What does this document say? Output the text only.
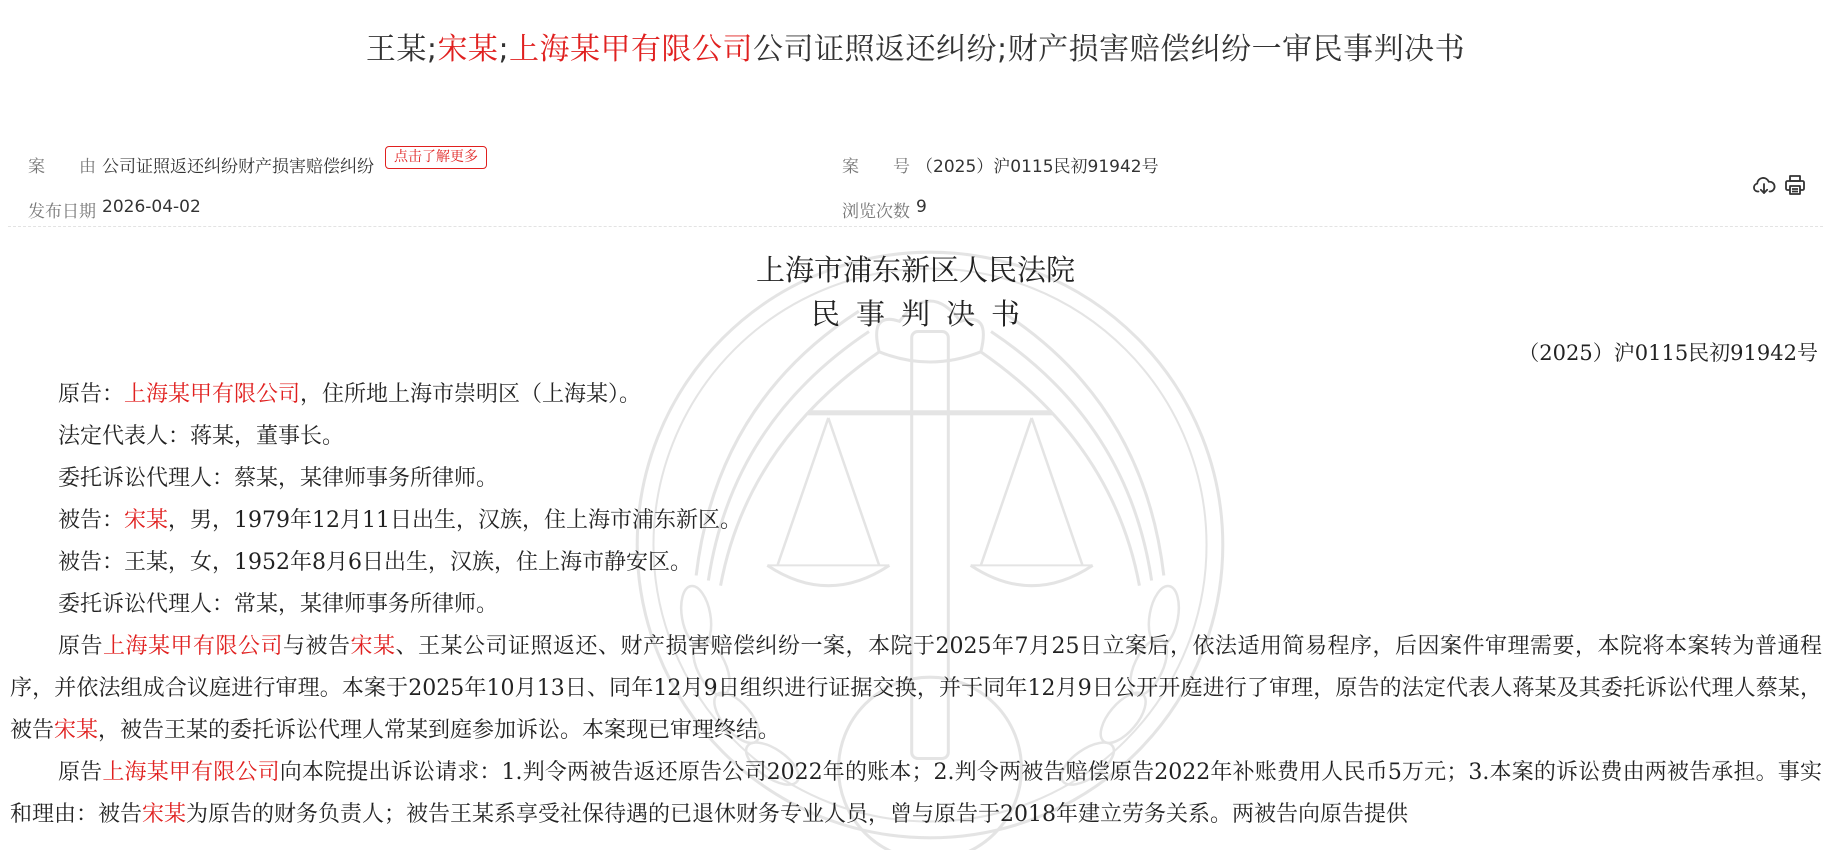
王某;宋某;上海某甲有限公司公司证照返还纠纷;财产损害赔偿纠纷一审民事判决书
案　　由 公司证照返还纠纷财产损害赔偿纠纷	点击了解更多	案　　号 （2025）沪0115民初91942号
发布日期 2026-04-02	浏览次数 9
上海市浦东新区人民法院
民事判决书
（2025）沪0115民初91942号

原告：上海某甲有限公司，住所地上海市崇明区（上海某）。

法定代表人：蒋某，董事长。

委托诉讼代理人：蔡某，某律师事务所律师。

被告：宋某，男，1979年12月11日出生，汉族，住上海市浦东新区。

被告：王某，女，1952年8月6日出生，汉族，住上海市静安区。

委托诉讼代理人：常某，某律师事务所律师。

原告上海某甲有限公司与被告宋某、王某公司证照返还、财产损害赔偿纠纷一案，本院于2025年7月25日立案后，依法适用简易程序，后因案件审理需要，本院将本案转为普通程序，并依法组成合议庭进行审理。本案于2025年10月13日、同年12月9日组织进行证据交换，并于同年12月9日公开开庭进行了审理，原告的法定代表人蒋某及其委托诉讼代理人蔡某，被告宋某，被告王某的委托诉讼代理人常某到庭参加诉讼。本案现已审理终结。

原告上海某甲有限公司向本院提出诉讼请求：1.判令两被告返还原告公司2022年的账本；2.判令两被告赔偿原告2022年补账费用人民币5万元；3.本案的诉讼费由两被告承担。事实和理由：被告宋某为原告的财务负责人；被告王某系享受社保待遇的已退休财务专业人员，曾与原告于2018年建立劳务关系。两被告向原告提供
